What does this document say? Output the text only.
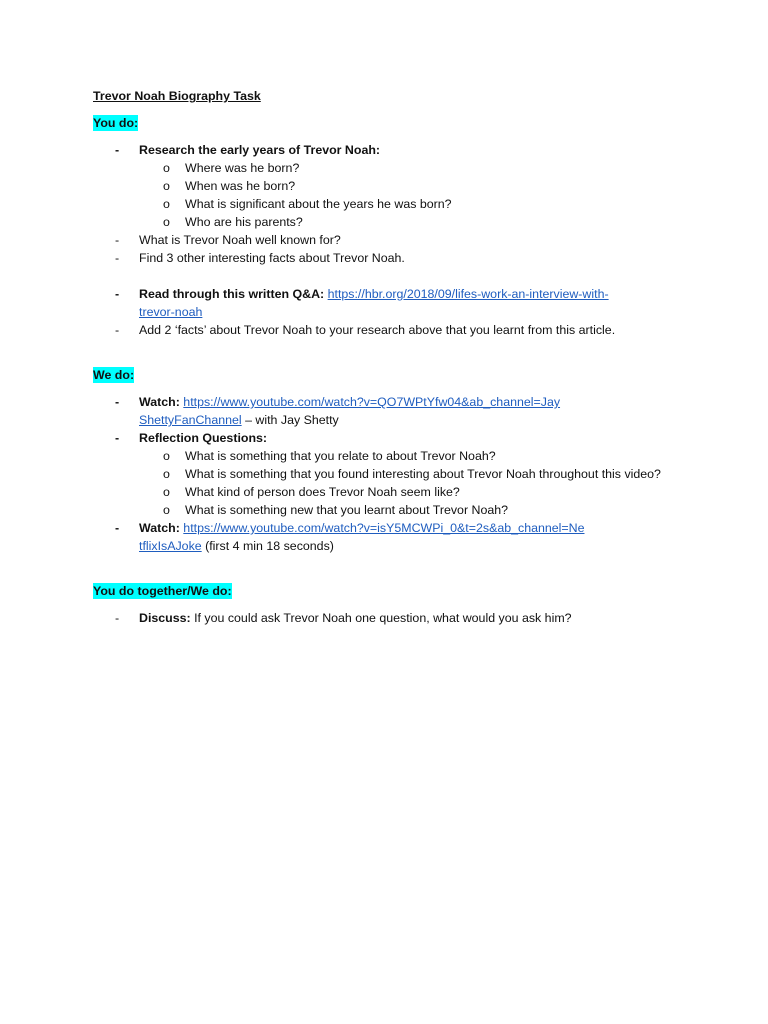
Trevor Noah Biography Task
You do:
-	Research the early years of Trevor Noah:
o Where was he born?
o When was he born?
o What is significant about the years he was born?
o Who are his parents?
-	What is Trevor Noah well known for?
-	Find 3 other interesting facts about Trevor Noah.
-	Read through this written Q&A: https://hbr.org/2018/09/lifes-work-an-interview-with-
trevor-noah
-	Add 2 ‘facts’ about Trevor Noah to your research above that you learnt from this article.
We do:
-	Watch: https://www.youtube.com/watch?v=QO7WPtYfw04&ab_channel=Jay
ShettyFanChannel – with Jay Shetty
-	Reflection Questions:
o What is something that you relate to about Trevor Noah?
o What is something that you found interesting about Trevor Noah throughout this video?
o What kind of person does Trevor Noah seem like?
o What is something new that you learnt about Trevor Noah?
-	Watch: https://www.youtube.com/watch?v=isY5MCWPi_0&t=2s&ab_channel=Ne
tflixIsAJoke (first 4 min 18 seconds)
You do together/We do:
-	Discuss: If you could ask Trevor Noah one question, what would you ask him?
